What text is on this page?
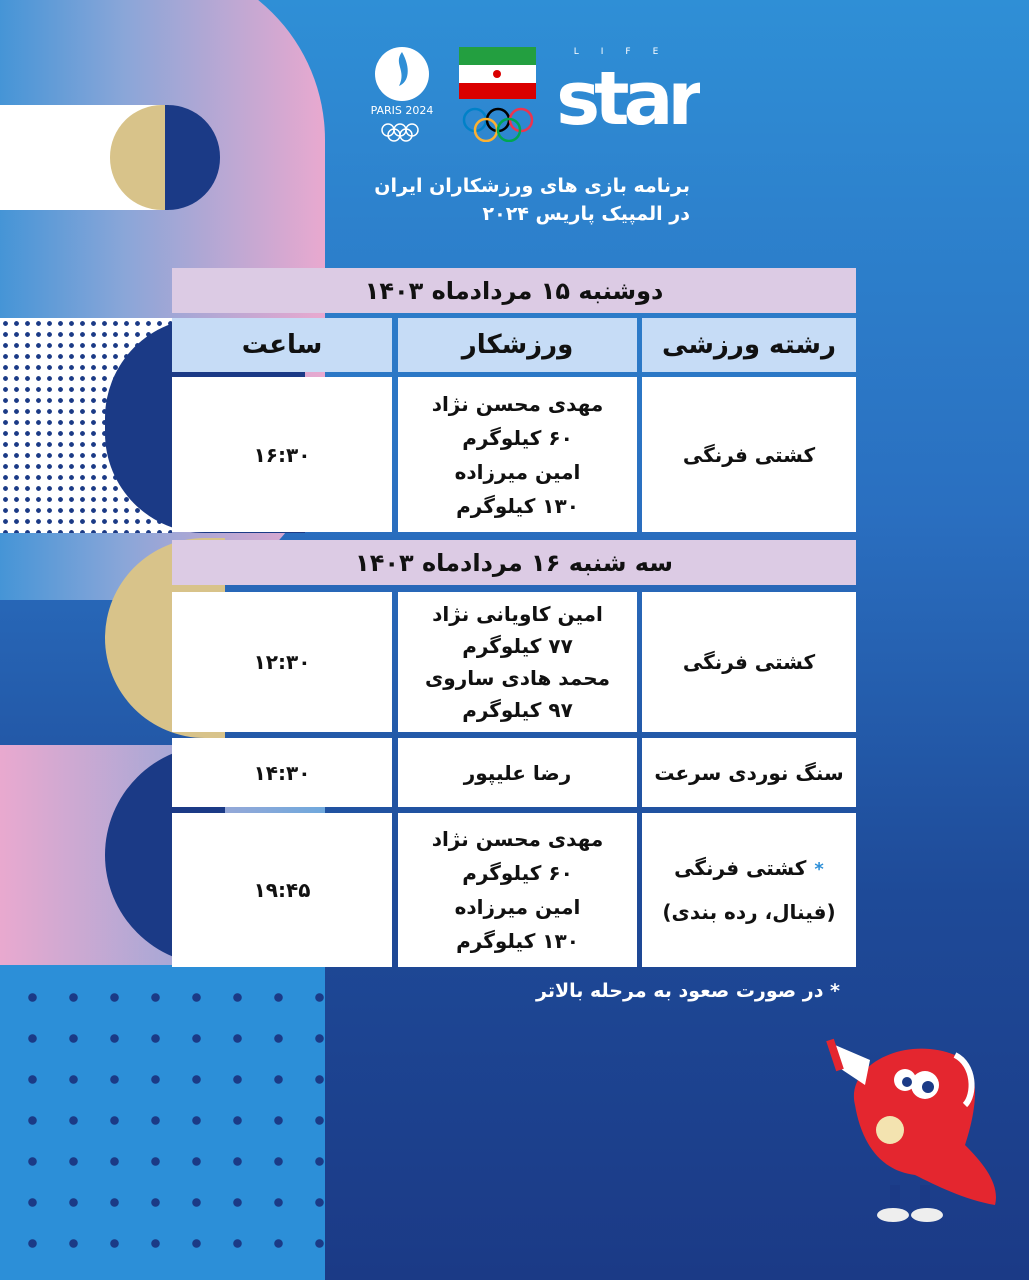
PARIS 2024
LIFE
star
برنامه بازی های ورزشکاران ایران
در المپیک پاریس ۲۰۲۴
دوشنبه ۱۵ مردادماه ۱۴۰۳
رشته ورزشی
ورزشکار
ساعت
کشتی فرنگی
مهدی محسن نژاد
۶۰ کیلوگرم
امین میرزاده
۱۳۰ کیلوگرم
۱۶:۳۰
سه شنبه ۱۶ مردادماه ۱۴۰۳
کشتی فرنگی
امین کاویانی نژاد
۷۷ کیلوگرم
محمد هادی ساروی
۹۷ کیلوگرم
۱۲:۳۰
سنگ نوردی سرعت
رضا علیپور
۱۴:۳۰
*کشتی فرنگی
(فینال، رده بندی)
مهدی محسن نژاد
۶۰ کیلوگرم
امین میرزاده
۱۳۰ کیلوگرم
۱۹:۴۵
* در صورت صعود به مرحله بالاتر
